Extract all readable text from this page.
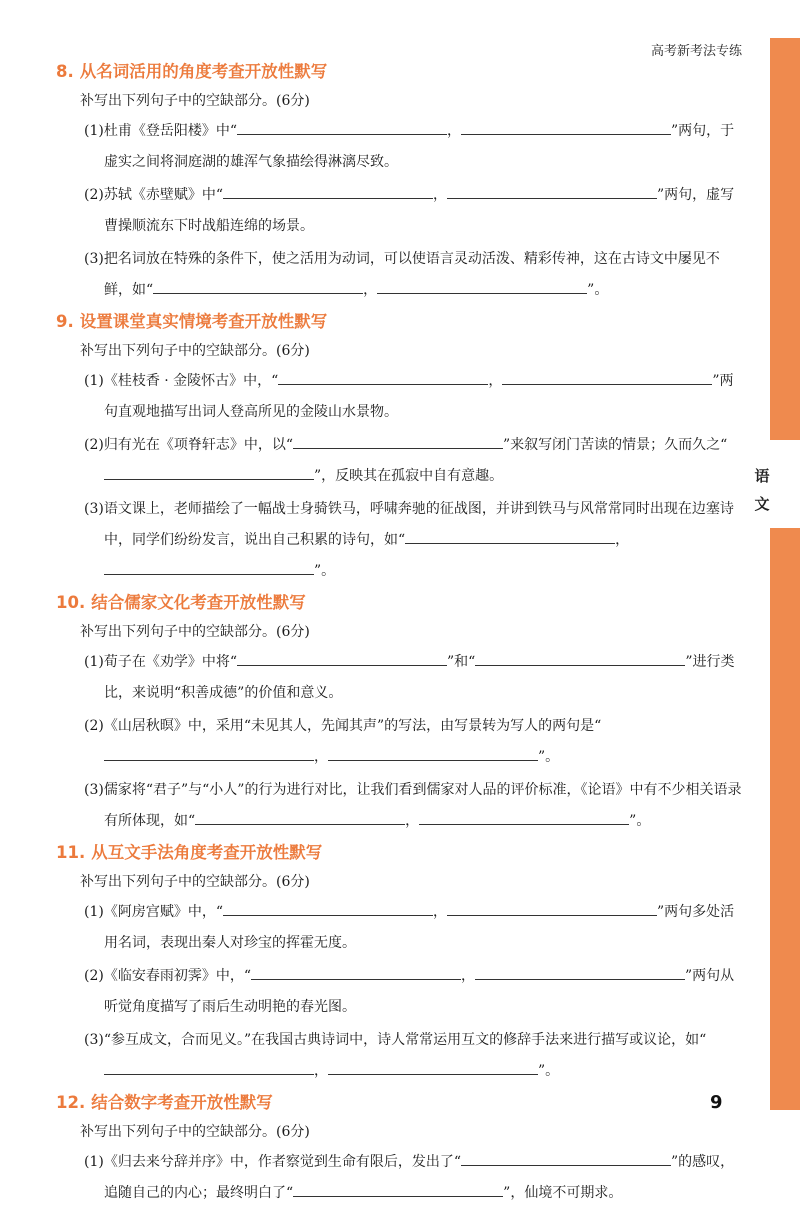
高考新考法专练
语文
9
8. 从名词活用的角度考查开放性默写
补写出下列句子中的空缺部分。(6分)
(1)杜甫《登岳阳楼》中“	，	”两句，于虚实之间将洞庭湖的雄浑气象描绘得淋漓尽致。
(2)苏轼《赤壁赋》中“	，	”两句，虚写曹操顺流东下时战船连绵的场景。
(3)把名词放在特殊的条件下，使之活用为动词，可以使语言灵动活泼、精彩传神，这在古诗文中屡见不鲜，如“	，	”。
9. 设置课堂真实情境考查开放性默写
补写出下列句子中的空缺部分。(6分)
(1)《桂枝香 · 金陵怀古》中，“	，	”两句直观地描写出词人登高所见的金陵山水景物。
(2)归有光在《项脊轩志》中，以“	”来叙写闭门苦读的情景；久而久之“”，反映其在孤寂中自有意趣。
(3)语文课上，老师描绘了一幅战士身骑铁马，呼啸奔驰的征战图，并讲到铁马与风常常同时出现在边塞诗中，同学们纷纷发言，说出自己积累的诗句，如“	，”。
10. 结合儒家文化考查开放性默写
补写出下列句子中的空缺部分。(6分)
(1)荀子在《劝学》中将“	”和“	”进行类比，来说明“积善成德”的价值和意义。
(2)《山居秋暝》中，采用“未见其人，先闻其声”的写法，由写景转为写人的两句是“，	”。
(3)儒家将“君子”与“小人”的行为进行对比，让我们看到儒家对人品的评价标准，《论语》中有不少相关语录有所体现，如“	，	”。
11. 从互文手法角度考查开放性默写
补写出下列句子中的空缺部分。(6分)
(1)《阿房宫赋》中，“	，	”两句多处活用名词，表现出秦人对珍宝的挥霍无度。
(2)《临安春雨初霁》中，“	，	”两句从听觉角度描写了雨后生动明艳的春光图。
(3)“参互成文，合而见义。”在我国古典诗词中，诗人常常运用互文的修辞手法来进行描写或议论，如“，	”。
12. 结合数字考查开放性默写
补写出下列句子中的空缺部分。(6分)
(1)《归去来兮辞并序》中，作者察觉到生命有限后，发出了“	”的感叹，追随自己的内心；最终明白了“	”，仙境不可期求。
